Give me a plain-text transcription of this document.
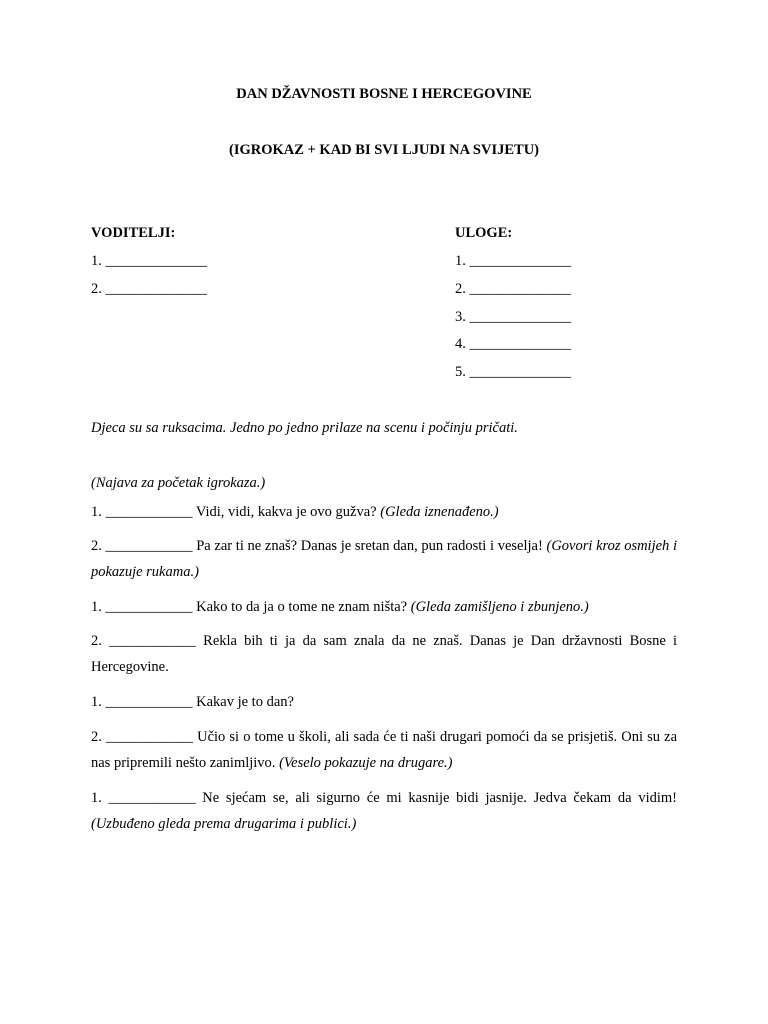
DAN DŽAVNOSTI BOSNE I HERCEGOVINE
(IGROKAZ + KAD BI SVI LJUDI NA SVIJETU)
VODITELJI:
1. ______________
2. ______________
ULOGE:
1. ______________
2. ______________
3. ______________
4. ______________
5. ______________
Djeca su sa ruksacima. Jedno po jedno prilaze na scenu i počinju pričati.
(Najava za početak igrokaza.)
1. ____________ Vidi, vidi, kakva je ovo gužva? (Gleda iznenađeno.)
2. ____________ Pa zar ti ne znaš? Danas je sretan dan, pun radosti i veselja! (Govori kroz osmijeh i pokazuje rukama.)
1. ____________ Kako to da ja o tome ne znam ništa? (Gleda zamišljeno i zbunjeno.)
2. ____________ Rekla bih ti ja da sam znala da ne znaš. Danas je Dan državnosti Bosne i Hercegovine.
1. ____________ Kakav je to dan?
2. ____________ Učio si o tome u školi, ali sada će ti naši drugari pomoći da se prisjetiš. Oni su za nas pripremili nešto zanimljivo. (Veselo pokazuje na drugare.)
1. ____________ Ne sjećam se, ali sigurno će mi kasnije bidi jasnije. Jedva čekam da vidim! (Uzbuđeno gleda prema drugarima i publici.)
